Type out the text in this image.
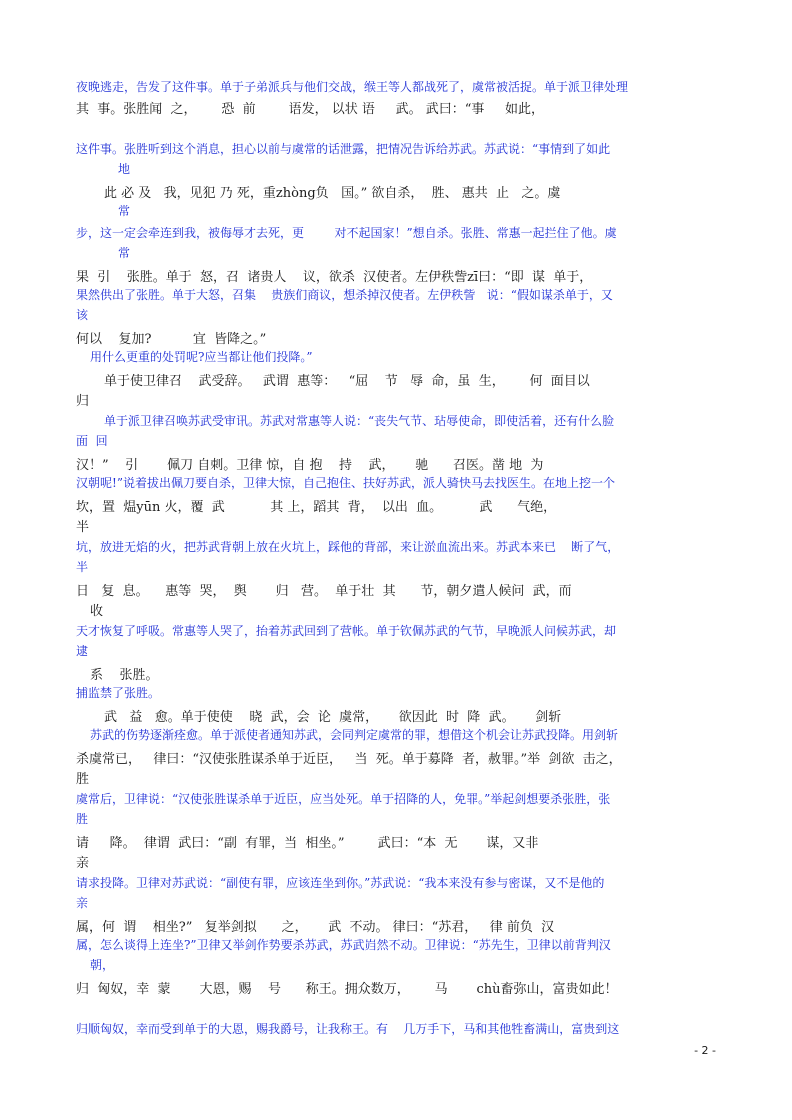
夜晚逃走，告发了这件事。单于子弟派兵与他们交战，缑王等人都战死了，虞常被活捉。单于派卫律处理
其  事。张胜闻  之，      恐  前        语发， 以状 语     武。 武曰：“事     如此，
这件事。张胜听到这个消息，担心以前与虞常的话泄露，把情况告诉给苏武。苏武说：“事情到了如此
地
此 必 及   我，见犯 乃 死，重zhòng负   国。” 欲自杀，  胜、 惠共  止   之。虞
常
步，这一定会牵连到我，被侮辱才去死，更        对不起国家！”想自杀。张胜、常惠一起拦住了他。虞
常
果  引    张胜。单于  怒，召  诸贵人    议，欲杀  汉使者。左伊秩訾zī曰：“即  谋  单于，
果然供出了张胜。单于大怒，召集    贵族们商议，想杀掉汉使者。左伊秩訾   说：“假如谋杀单于，又
该
何以    复加?          宜  皆降之。”
用什么更重的处罚呢?应当都让他们投降。”
单于使卫律召    武受辞。   武谓  惠等：   “屈    节   辱  命，虽  生，      何  面目以
归
单于派卫律召唤苏武受审讯。苏武对常惠等人说：“丧失气节、玷辱使命，即使活着，还有什么脸
面  回
汉！”    引       佩刀 自刺。卫律 惊，自 抱    持    武，     驰      召医。凿 地  为
汉朝呢!”说着拔出佩刀要自杀，卫律大惊，自己抱住、扶好苏武，派人骑快马去找医生。在地上挖一个
坎，置  煴yūn 火，覆  武           其 上，蹈其  背，  以出  血。         武      气绝，
半
坑，放进无焰的火，把苏武背朝上放在火坑上，踩他的背部，来让淤血流出来。苏武本来已    断了气，
半
日   复  息。    惠等  哭，  舆       归   营。  单于壮  其      节，朝夕遣人候问  武，而
收
天才恢复了呼吸。常惠等人哭了，抬着苏武回到了营帐。单于钦佩苏武的气节，早晚派人问候苏武，却
逮
系    张胜。
捕监禁了张胜。
武   益   愈。单于使使    晓  武，会  论  虞常，     欲因此  时  降  武。     剑斩
苏武的伤势逐渐痊愈。单于派使者通知苏武，会同判定虞常的罪，想借这个机会让苏武投降。用剑斩
杀虞常已，   律曰：“汉使张胜谋杀单于近臣，   当  死。单于募降  者，赦罪。”举  剑欲  击之，
胜
虞常后，卫律说：“汉使张胜谋杀单于近臣，应当处死。单于招降的人，免罪。”举起剑想要杀张胜，张
胜
请     降。  律谓  武曰：“副  有罪，当  相坐。”        武曰：“本  无       谋，又非
亲
请求投降。卫律对苏武说：“副使有罪，应该连坐到你。”苏武说：“我本来没有参与密谋，又不是他的
亲
属，何  谓    相坐?”   复举剑拟      之，     武  不动。 律曰：“苏君，   律 前负  汉
属，怎么谈得上连坐?”卫律又举剑作势要杀苏武，苏武岿然不动。卫律说：“苏先生，卫律以前背判汉
朝，
归  匈奴，幸  蒙       大恩，赐    号      称王。拥众数万，      马       chù畜弥山，富贵如此！
归顺匈奴，幸而受到单于的大恩，赐我爵号，让我称王。有    几万手下，马和其他牲畜满山，富贵到这
- 2 -
